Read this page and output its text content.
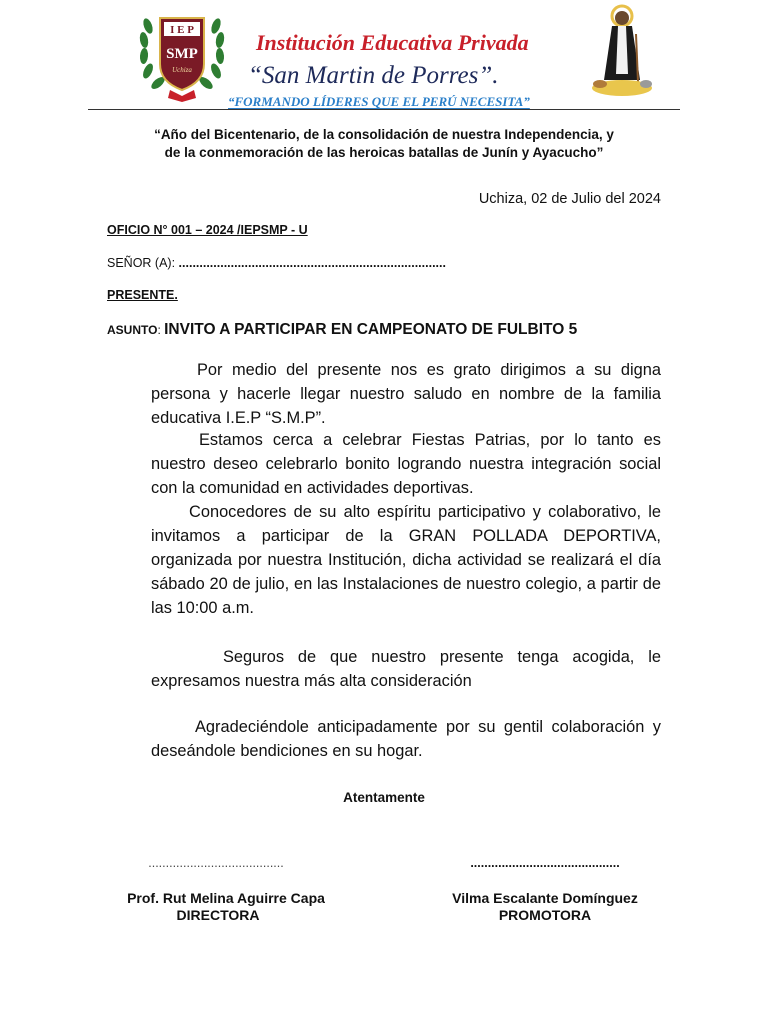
I E P
SMP
Uchiza
Institución Educativa Privada
“San Martin de Porres”.
“FORMANDO LÍDERES QUE EL PERÚ NECESITA”
“Año del Bicentenario, de la consolidación de nuestra Independencia, y de la conmemoración de las heroicas batallas de Junín y Ayacucho”
Uchiza, 02 de Julio del 2024
OFICIO N° 001 – 2024 /IEPSMP - U
SEÑOR (A): .............................................................................
PRESENTE.
ASUNTO: INVITO A PARTICIPAR EN CAMPEONATO DE FULBITO 5

Por medio del presente nos es grato dirigimos a su digna persona y hacerle llegar nuestro saludo en nombre de la familia educativa I.E.P “S.M.P”.

Estamos cerca a celebrar Fiestas Patrias, por lo tanto es nuestro deseo celebrarlo bonito logrando nuestra integración social con la comunidad en actividades deportivas.

Conocedores de su alto espíritu participativo y colaborativo, le invitamos a participar de la GRAN POLLADA DEPORTIVA, organizada por nuestra Institución, dicha actividad se realizará el día sábado 20 de julio, en las Instalaciones de nuestro colegio, a partir de las 10:00 a.m.

Seguros de que nuestro presente tenga acogida, le expresamos nuestra más alta consideración

Agradeciéndole anticipadamente por su gentil colaboración y deseándole bendiciones en su hogar.

Atentamente
.......................................
Prof. Rut Melina Aguirre Capa
DIRECTORA
...........................................
Vilma Escalante Domínguez
PROMOTORA
